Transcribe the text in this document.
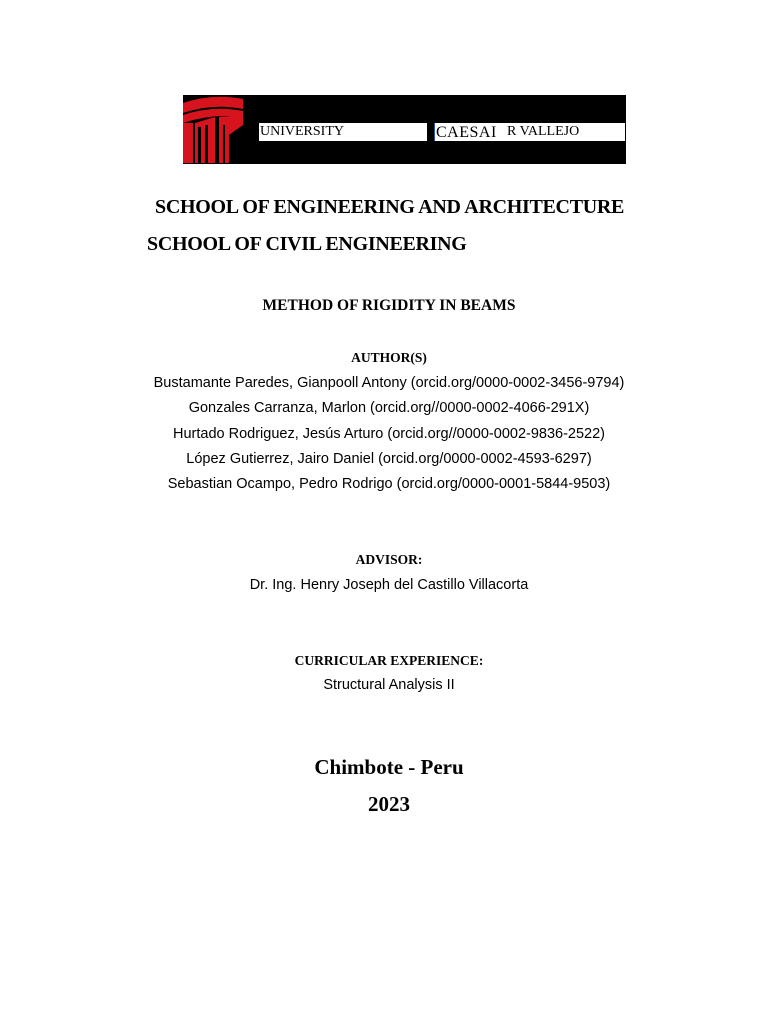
UNIVERSITY	CAESAI R VALLEJO
SCHOOL OF ENGINEERING AND ARCHITECTURE
SCHOOL OF CIVIL ENGINEERING
METHOD OF RIGIDITY IN BEAMS
AUTHOR(S)
Bustamante Paredes, Gianpooll Antony (orcid.org/0000-0002-3456-9794)
Gonzales Carranza, Marlon (orcid.org//0000-0002-4066-291X)
Hurtado Rodriguez, Jesús Arturo (orcid.org//0000-0002-9836-2522)
López Gutierrez, Jairo Daniel (orcid.org/0000-0002-4593-6297)
Sebastian Ocampo, Pedro Rodrigo (orcid.org/0000-0001-5844-9503)
ADVISOR:
Dr. Ing. Henry Joseph del Castillo Villacorta
CURRICULAR EXPERIENCE:
Structural Analysis II
Chimbote - Peru
2023
